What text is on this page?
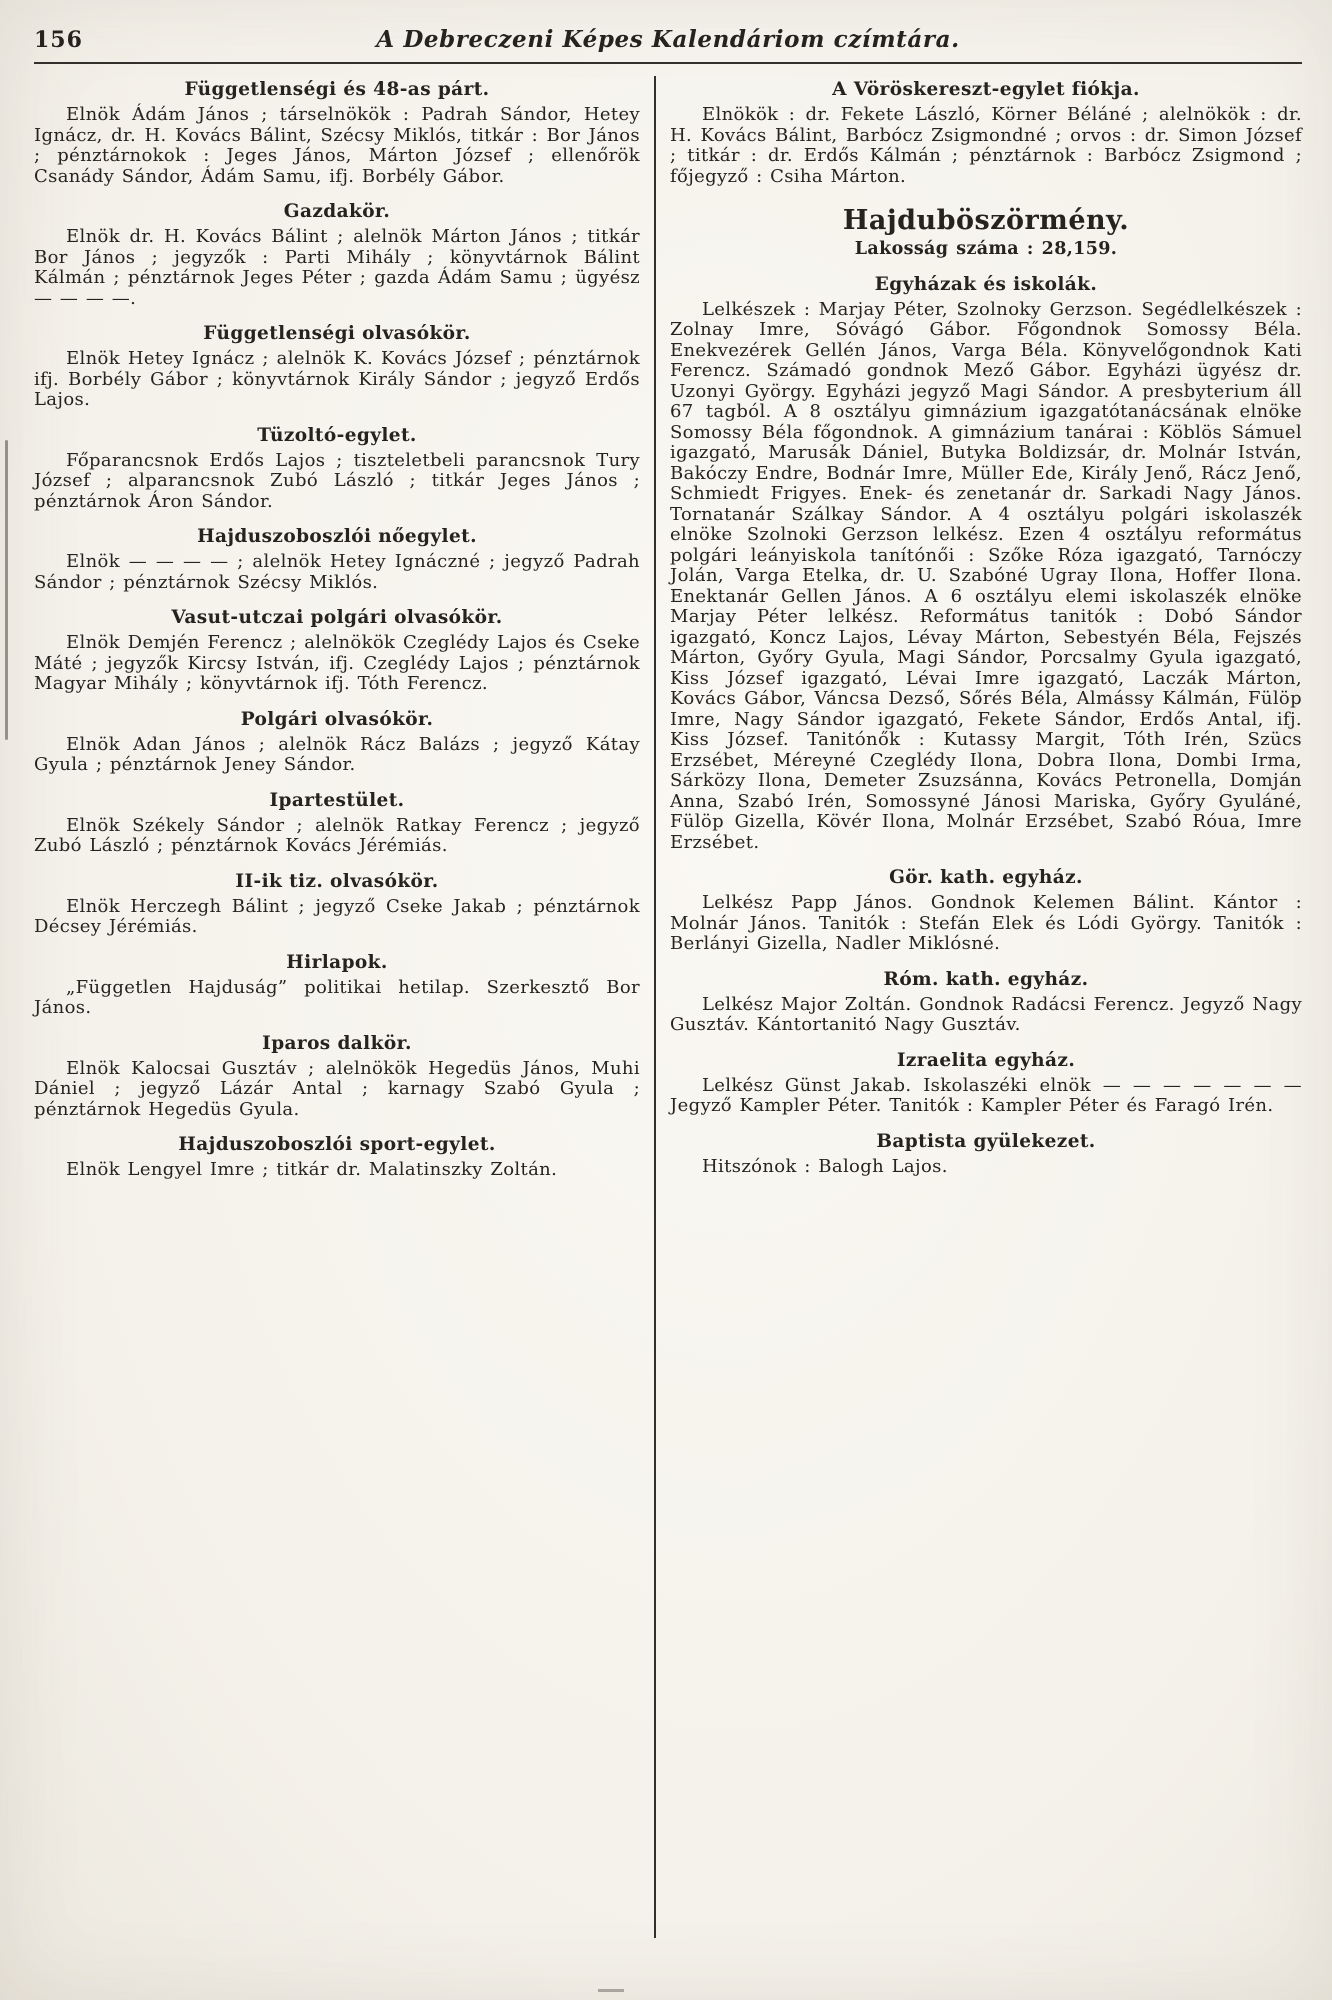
156	A Debreczeni Képes Kalendáriom czímtára.
Függetlenségi és 48-as párt.

Elnök Ádám János ; társelnökök : Padrah Sándor, Hetey Ignácz, dr. H. Kovács Bálint, Szécsy Miklós, titkár : Bor János ; pénztárnokok : Jeges János, Márton József ; ellenőrök Csanády Sándor, Ádám Samu, ifj. Borbély Gábor.

Gazdakör.

Elnök dr. H. Kovács Bálint ; alelnök Márton János ; titkár Bor János ; jegyzők : Parti Mihály ; könyvtárnok Bálint Kálmán ; pénztárnok Jeges Péter ; gazda Ádám Samu ; ügyész — — — —.

Függetlenségi olvasókör.

Elnök Hetey Ignácz ; alelnök K. Kovács József ; pénztárnok ifj. Borbély Gábor ; könyvtárnok Király Sándor ; jegyző Erdős Lajos.

Tüzoltó-egylet.

Főparancsnok Erdős Lajos ; tiszteletbeli parancsnok Tury József ; alparancsnok Zubó László ; titkár Jeges János ; pénztárnok Áron Sándor.

Hajduszoboszlói nőegylet.

Elnök — — — — ; alelnök Hetey Ignáczné ; jegyző Padrah Sándor ; pénztárnok Szécsy Miklós.

Vasut-utczai polgári olvasókör.

Elnök Demjén Ferencz ; alelnökök Czeglédy Lajos és Cseke Máté ; jegyzők Kircsy István, ifj. Czeglédy Lajos ; pénztárnok Magyar Mihály ; könyvtárnok ifj. Tóth Ferencz.

Polgári olvasókör.

Elnök Adan János ; alelnök Rácz Balázs ; jegyző Kátay Gyula ; pénztárnok Jeney Sándor.

Ipartestület.

Elnök Székely Sándor ; alelnök Ratkay Ferencz ; jegyző Zubó László ; pénztárnok Kovács Jérémiás.

II-ik tiz. olvasókör.

Elnök Herczegh Bálint ; jegyző Cseke Jakab ; pénztárnok Décsey Jérémiás.

Hirlapok.

„Független Hajduság” politikai hetilap. Szerkesztő Bor János.

Iparos dalkör.

Elnök Kalocsai Gusztáv ; alelnökök Hegedüs János, Muhi Dániel ; jegyző Lázár Antal ; karnagy Szabó Gyula ; pénztárnok Hegedüs Gyula.

Hajduszoboszlói sport-egylet.

Elnök Lengyel Imre ; titkár dr. Malatinszky Zoltán.

A Vöröskereszt-egylet fiókja.

Elnökök : dr. Fekete László, Körner Béláné ; alelnökök : dr. H. Kovács Bálint, Barbócz Zsigmondné ; orvos : dr. Simon József ; titkár : dr. Erdős Kálmán ; pénztárnok : Barbócz Zsigmond ; főjegyző : Csiha Márton.

Hajduböszörmény.

Lakosság száma : 28,159.

Egyházak és iskolák.

Lelkészek : Marjay Péter, Szolnoky Gerzson. Segédlelkészek : Zolnay Imre, Sóvágó Gábor. Főgondnok Somossy Béla. Enekvezérek Gellén János, Varga Béla. Könyvelőgondnok Kati Ferencz. Számadó gondnok Mező Gábor. Egyházi ügyész dr. Uzonyi György. Egyházi jegyző Magi Sándor. A presbyterium áll 67 tagból. A 8 osztályu gimnázium igazgatótanácsának elnöke Somossy Béla főgondnok. A gimnázium tanárai : Köblös Sámuel igazgató, Marusák Dániel, Butyka Boldizsár, dr. Molnár István, Bakóczy Endre, Bodnár Imre, Müller Ede, Király Jenő, Rácz Jenő, Schmiedt Frigyes. Enek- és zenetanár dr. Sarkadi Nagy János. Tornatanár Szálkay Sándor. A 4 osztályu polgári iskolaszék elnöke Szolnoki Gerzson lelkész. Ezen 4 osztályu református polgári leányiskola tanítónői : Szőke Róza igazgató, Tarnóczy Jolán, Varga Etelka, dr. U. Szabóné Ugray Ilona, Hoffer Ilona. Enektanár Gellen János. A 6 osztályu elemi iskolaszék elnöke Marjay Péter lelkész. Református tanitók : Dobó Sándor igazgató, Koncz Lajos, Lévay Márton, Sebestyén Béla, Fejszés Márton, Győry Gyula, Magi Sándor, Porcsalmy Gyula igazgató, Kiss József igazgató, Lévai Imre igazgató, Laczák Márton, Kovács Gábor, Váncsa Dezső, Sőrés Béla, Almássy Kálmán, Fülöp Imre, Nagy Sándor igazgató, Fekete Sándor, Erdős Antal, ifj. Kiss József. Tanitónők : Kutassy Margit, Tóth Irén, Szücs Erzsébet, Méreyné Czeglédy Ilona, Dobra Ilona, Dombi Irma, Sárközy Ilona, Demeter Zsuzsánna, Kovács Petronella, Domján Anna, Szabó Irén, Somossyné Jánosi Mariska, Győry Gyuláné, Fülöp Gizella, Kövér Ilona, Molnár Erzsébet, Szabó Róua, Imre Erzsébet.

Gör. kath. egyház.

Lelkész Papp János. Gondnok Kelemen Bálint. Kántor : Molnár János. Tanitók : Stefán Elek és Lódi György. Tanitók : Berlányi Gizella, Nadler Miklósné.

Róm. kath. egyház.

Lelkész Major Zoltán. Gondnok Radácsi Ferencz. Jegyző Nagy Gusztáv. Kántortanitó Nagy Gusztáv.

Izraelita egyház.

Lelkész Günst Jakab. Iskolaszéki elnök — — — — — — — Jegyző Kampler Péter. Tanitók : Kampler Péter és Faragó Irén.

Baptista gyülekezet.

Hitszónok : Balogh Lajos.
